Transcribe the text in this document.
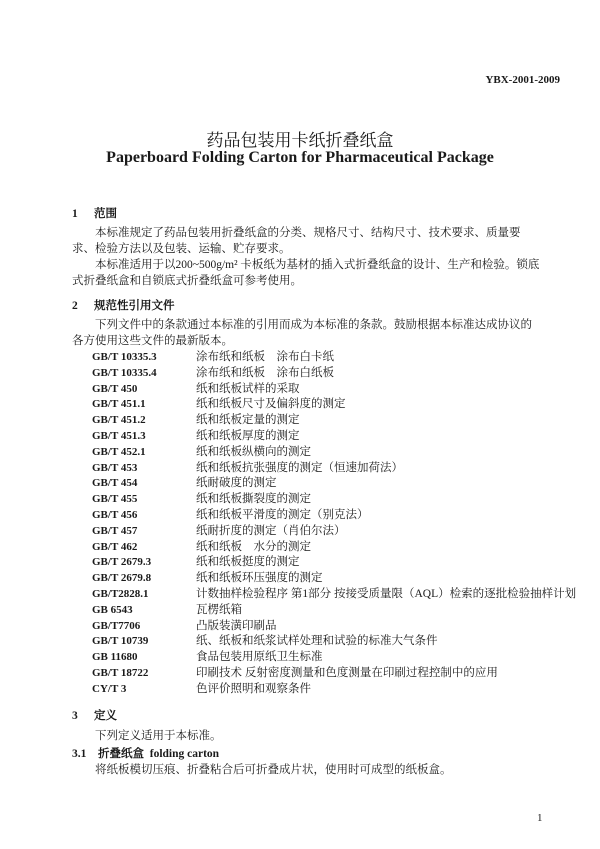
YBX-2001-2009
药品包装用卡纸折叠纸盒
Paperboard Folding Carton for Pharmaceutical Package
1 范围
本标准规定了药品包装用折叠纸盒的分类、规格尺寸、结构尺寸、技术要求、质量要求、检验方法以及包装、运输、贮存要求。
本标准适用于以200~500g/m² 卡板纸为基材的插入式折叠纸盒的设计、生产和检验。锁底式折叠纸盒和自锁底式折叠纸盒可参考使用。
2 规范性引用文件
下列文件中的条款通过本标准的引用而成为本标准的条款。鼓励根据本标准达成协议的各方使用这些文件的最新版本。
GB/T 10335.3	涂布纸和纸板　涂布白卡纸
GB/T 10335.4	涂布纸和纸板　涂布白纸板
GB/T 450	纸和纸板试样的采取
GB/T 451.1	纸和纸板尺寸及偏斜度的测定
GB/T 451.2	纸和纸板定量的测定
GB/T 451.3	纸和纸板厚度的测定
GB/T 452.1	纸和纸板纵横向的测定
GB/T 453	纸和纸板抗张强度的测定（恒速加荷法）
GB/T 454	纸耐破度的测定
GB/T 455	纸和纸板撕裂度的测定
GB/T 456	纸和纸板平滑度的测定（别克法）
GB/T 457	纸耐折度的测定（肖伯尔法）
GB/T 462	纸和纸板　水分的测定
GB/T 2679.3	纸和纸板挺度的测定
GB/T 2679.8	纸和纸板环压强度的测定
GB/T2828.1	计数抽样检验程序 第1部分 按接受质量限（AQL）检索的逐批检验抽样计划
GB 6543	瓦楞纸箱
GB/T7706	凸版装潢印刷品
GB/T 10739	纸、纸板和纸浆试样处理和试验的标准大气条件
GB 11680	食品包装用原纸卫生标准
GB/T 18722	印刷技术 反射密度测量和色度测量在印刷过程控制中的应用
CY/T 3	色评价照明和观察条件
3 定义
下列定义适用于本标准。
3.1 折叠纸盒 folding carton
将纸板模切压痕、折叠粘合后可折叠成片状，使用时可成型的纸板盒。
1
